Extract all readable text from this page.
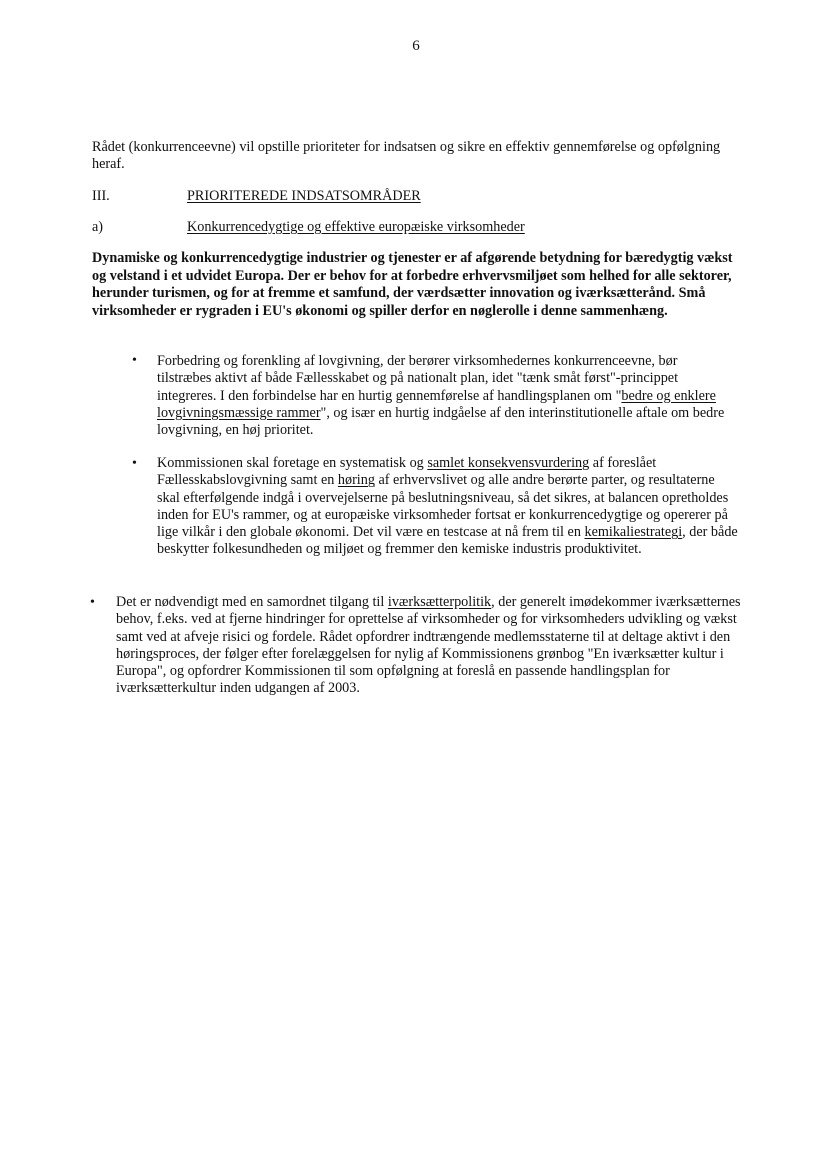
6
Rådet (konkurrenceevne) vil opstille prioriteter for indsatsen og sikre en effektiv gennemførelse og opfølgning heraf.
III.	PRIORITEREDE INDSATSOMRÅDER
a)	Konkurrencedygtige og effektive europæiske virksomheder
Dynamiske og konkurrencedygtige industrier og tjenester er af afgørende betydning for bæredygtig vækst og velstand i et udvidet Europa. Der er behov for at forbedre erhvervsmiljøet som helhed for alle sektorer, herunder turismen, og for at fremme et samfund, der værdsætter innovation og iværksætterånd. Små virksomheder er rygraden i EU's økonomi og spiller derfor en nøglerolle i denne sammenhæng.
• Forbedring og forenkling af lovgivning, der berører virksomhedernes konkurrenceevne, bør tilstræbes aktivt af både Fællesskabet og på nationalt plan, idet "tænk småt først"-princippet integreres. I den forbindelse har en hurtig gennemførelse af handlingsplanen om "bedre og enklere lovgivningsmæssige rammer", og især en hurtig indgåelse af den interinstitutionelle aftale om bedre lovgivning, en høj prioritet.
• Kommissionen skal foretage en systematisk og samlet konsekvensvurdering af foreslået Fællesskabslovgivning samt en høring af erhvervslivet og alle andre berørte parter, og resultaterne skal efterfølgende indgå i overvejelserne på beslutningsniveau, så det sikres, at balancen opretholdes inden for EU's rammer, og at europæiske virksomheder fortsat er konkurrencedygtige og opererer på lige vilkår i den globale økonomi. Det vil være en testcase at nå frem til en kemikaliestrategi, der både beskytter folkesundheden og miljøet og fremmer den kemiske industris produktivitet.
• Det er nødvendigt med en samordnet tilgang til iværksætterpolitik, der generelt imødekommer iværksætternes behov, f.eks. ved at fjerne hindringer for oprettelse af virksomheder og for virksomheders udvikling og vækst samt ved at afveje risici og fordele. Rådet opfordrer indtrængende medlemsstaterne til at deltage aktivt i den høringsproces, der følger efter forelæggelsen for nylig af Kommissionens grønbog "En iværksætter kultur i Europa", og opfordrer Kommissionen til som opfølgning at foreslå en passende handlingsplan for iværksætterkultur inden udgangen af 2003.
